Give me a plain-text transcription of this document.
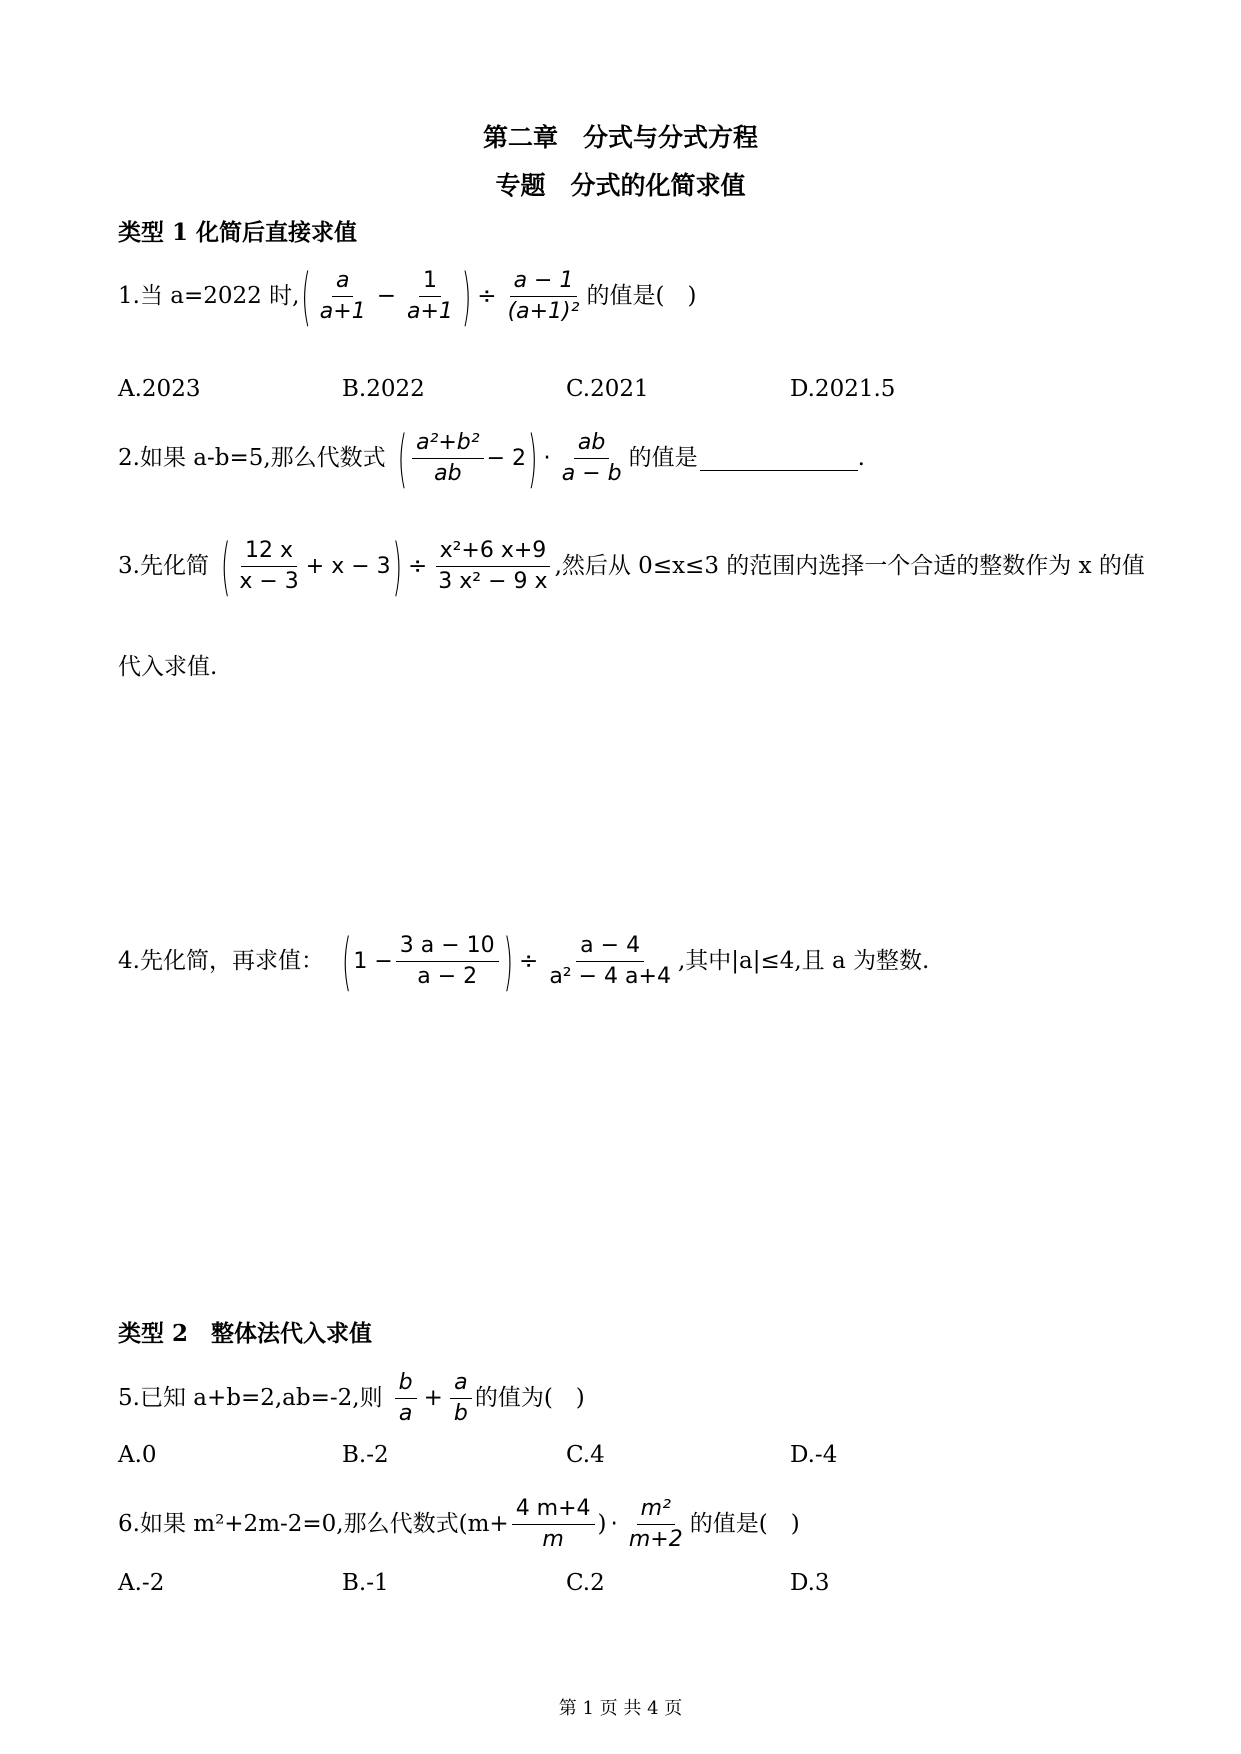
第二章　分式与分式方程
专题　分式的化简求值
类型 1 化简后直接求值
1.当 a=2022 时, ( $\frac{a}{a+1} - \frac{1}{a+1}$ ) ÷ $\frac{a - 1}{\text{(a+1)²}}$ 的值是(　)
A.2023	B.2022	C.2021	D.2021.5
2.如果 a-b=5,那么代数式 ( $\frac{\text{a²+b²}}{ab} - 2$ ) · $\frac{ab}{a - b}$ 的值是	.
3.先化简 ( $\frac{12 x}{x - 3} + x - 3$ ) ÷ $\frac{\text{x²+6 x+9}}{\text{3 x² − 9 x}}$ ,然后从 0≤x≤3 的范围内选择一个合适的整数作为 x 的值
代入求值.
4.先化简，再求值： ( $1 - \frac{3 a - 10}{a - 2}$ ) ÷ $\frac{a - 4}{\text{a² − 4 a+4}}$ ,其中|a|≤4,且 a 为整数.
类型 2　整体法代入求值
5.已知 a+b=2,ab=-2,则 $\frac{b}{a} + \frac{a}{b}$ 的值为(　)
A.0	B.-2	C.4	D.-4
6.如果 m²+2m-2=0,那么代数式($m+ \frac{4 m+4}{m}$ ) · $\frac{\text{m²}}{m+2}$ 的值是(　)
A.-2	B.-1	C.2	D.3
第 1 页 共 4 页
